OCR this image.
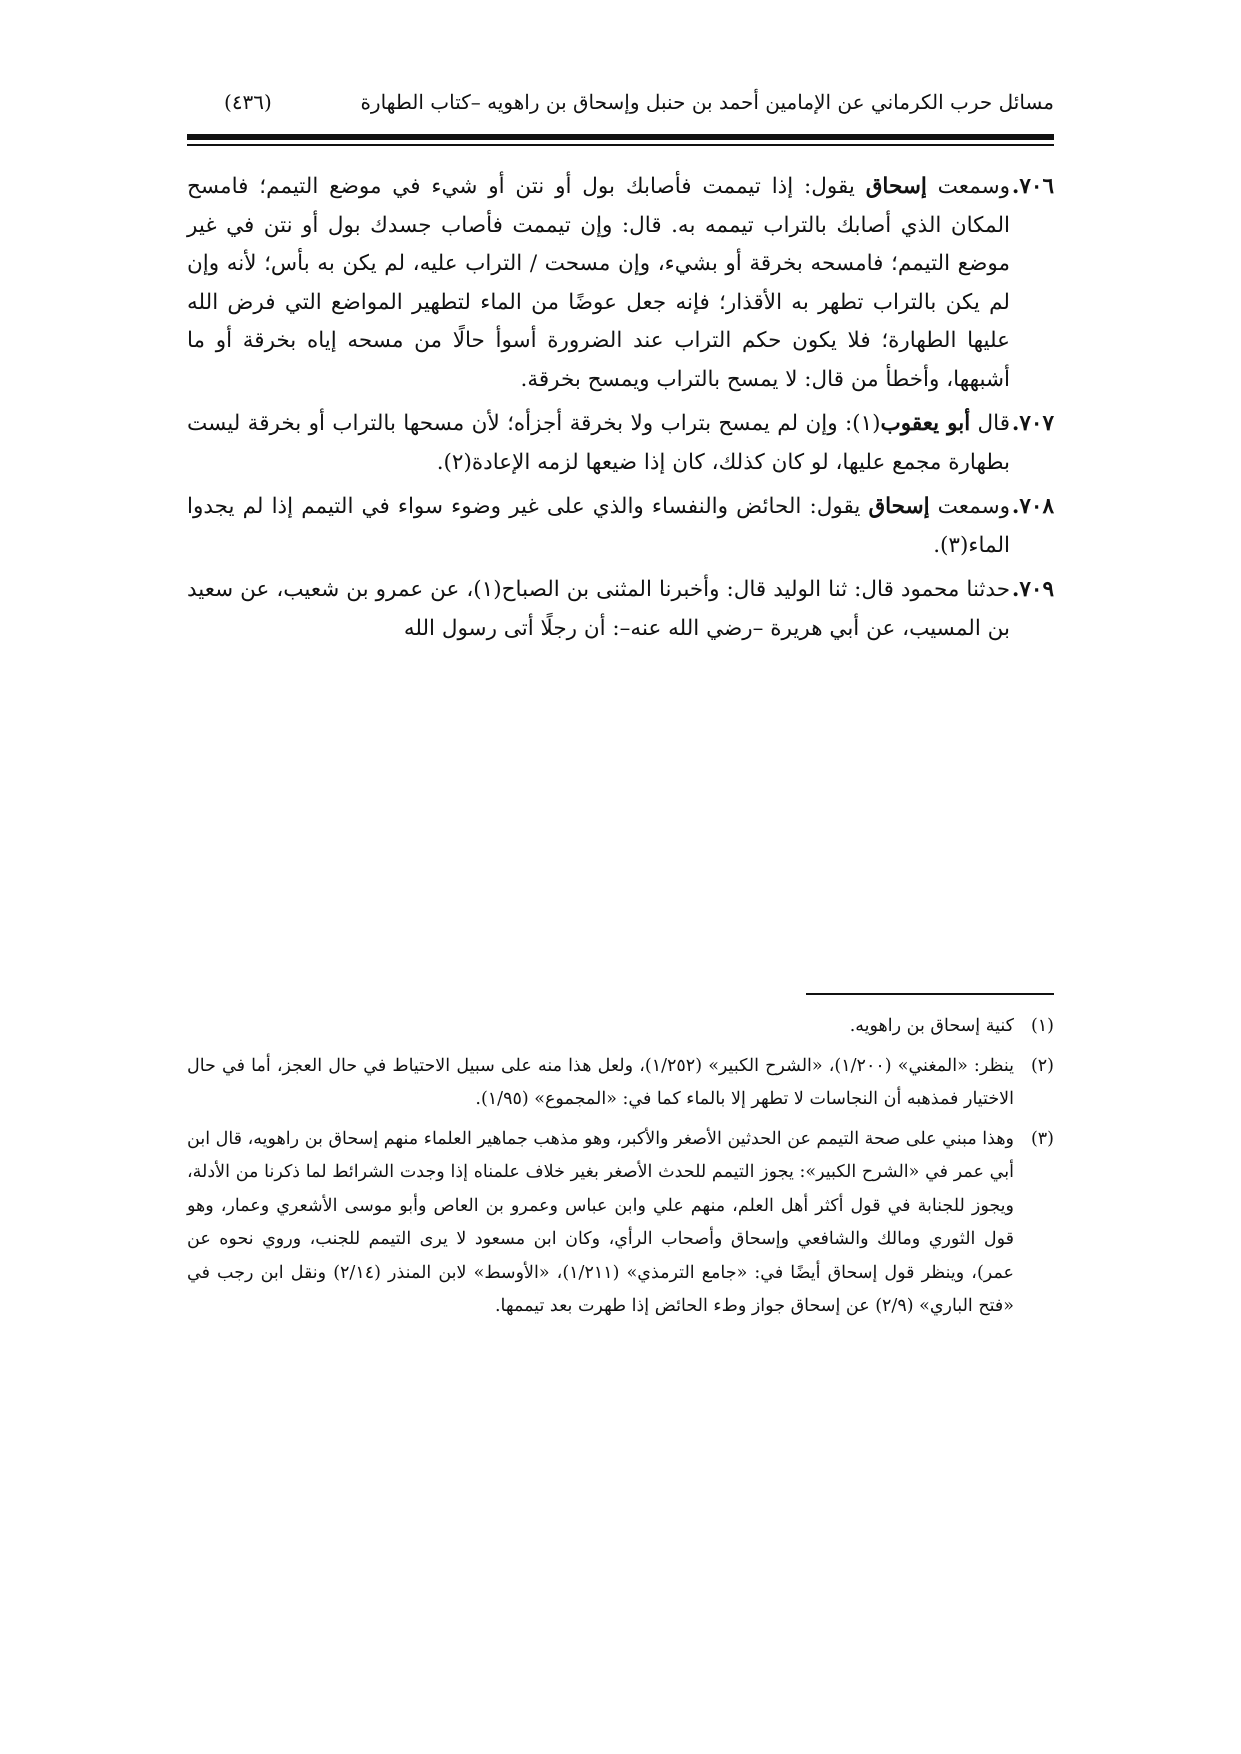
مسائل حرب الكرماني عن الإمامين أحمد بن حنبل وإسحاق بن راهويه –كتاب الطهارة
(٤٣٦)

٧٠٦.
وسمعت إسحاق يقول: إذا تيممت فأصابك بول أو نتن أو شيء في موضع التيمم؛ فامسح المكان الذي أصابك بالتراب تيممه به. قال: وإن تيممت فأصاب جسدك بول أو نتن في غير موضع التيمم؛ فامسحه بخرقة أو بشيء، وإن مسحت / التراب عليه، لم يكن به بأس؛ لأنه وإن لم يكن بالتراب تطهر به الأقذار؛ فإنه جعل عوضًا من الماء لتطهير المواضع التي فرض الله عليها الطهارة؛ فلا يكون حكم التراب عند الضرورة أسوأ حالًا من مسحه إياه بخرقة أو ما أشبهها، وأخطأ من قال: لا يمسح بالتراب ويمسح بخرقة.

٧٠٧.
قال أبو يعقوب(١): وإن لم يمسح بتراب ولا بخرقة أجزأه؛ لأن مسحها بالتراب أو بخرقة ليست بطهارة مجمع عليها، لو كان كذلك، كان إذا ضيعها لزمه الإعادة(٢).

٧٠٨.
وسمعت إسحاق يقول: الحائض والنفساء والذي على غير وضوء سواء في التيمم إذا لم يجدوا الماء(٣).

٧٠٩.
حدثنا محمود قال: ثنا الوليد قال: وأخبرنا المثنى بن الصباح(١)، عن عمرو بن شعيب، عن سعيد بن المسيب، عن أبي هريرة –رضي الله عنه–: أن رجلًا أتى رسول الله

(١)
كنية إسحاق بن راهويه.

(٢)
ينظر: «المغني» (١/٢٠٠)، «الشرح الكبير» (١/٢٥٢)، ولعل هذا منه على سبيل الاحتياط في حال العجز، أما في حال الاختيار فمذهبه أن النجاسات لا تطهر إلا بالماء كما في: «المجموع» (١/٩٥).

(٣)
وهذا مبني على صحة التيمم عن الحدثين الأصغر والأكبر، وهو مذهب جماهير العلماء منهم إسحاق بن راهويه، قال ابن أبي عمر في «الشرح الكبير»: يجوز التيمم للحدث الأصغر بغير خلاف علمناه إذا وجدت الشرائط لما ذكرنا من الأدلة، ويجوز للجنابة في قول أكثر أهل العلم، منهم علي وابن عباس وعمرو بن العاص وأبو موسى الأشعري وعمار، وهو قول الثوري ومالك والشافعي وإسحاق وأصحاب الرأي، وكان ابن مسعود لا يرى التيمم للجنب، وروي نحوه عن عمر)، وينظر قول إسحاق أيضًا في: «جامع الترمذي» (١/٢١١)، «الأوسط» لابن المنذر (٢/١٤) ونقل ابن رجب في «فتح الباري» (٢/٩) عن إسحاق جواز وطء الحائض إذا طهرت بعد تيممها.
